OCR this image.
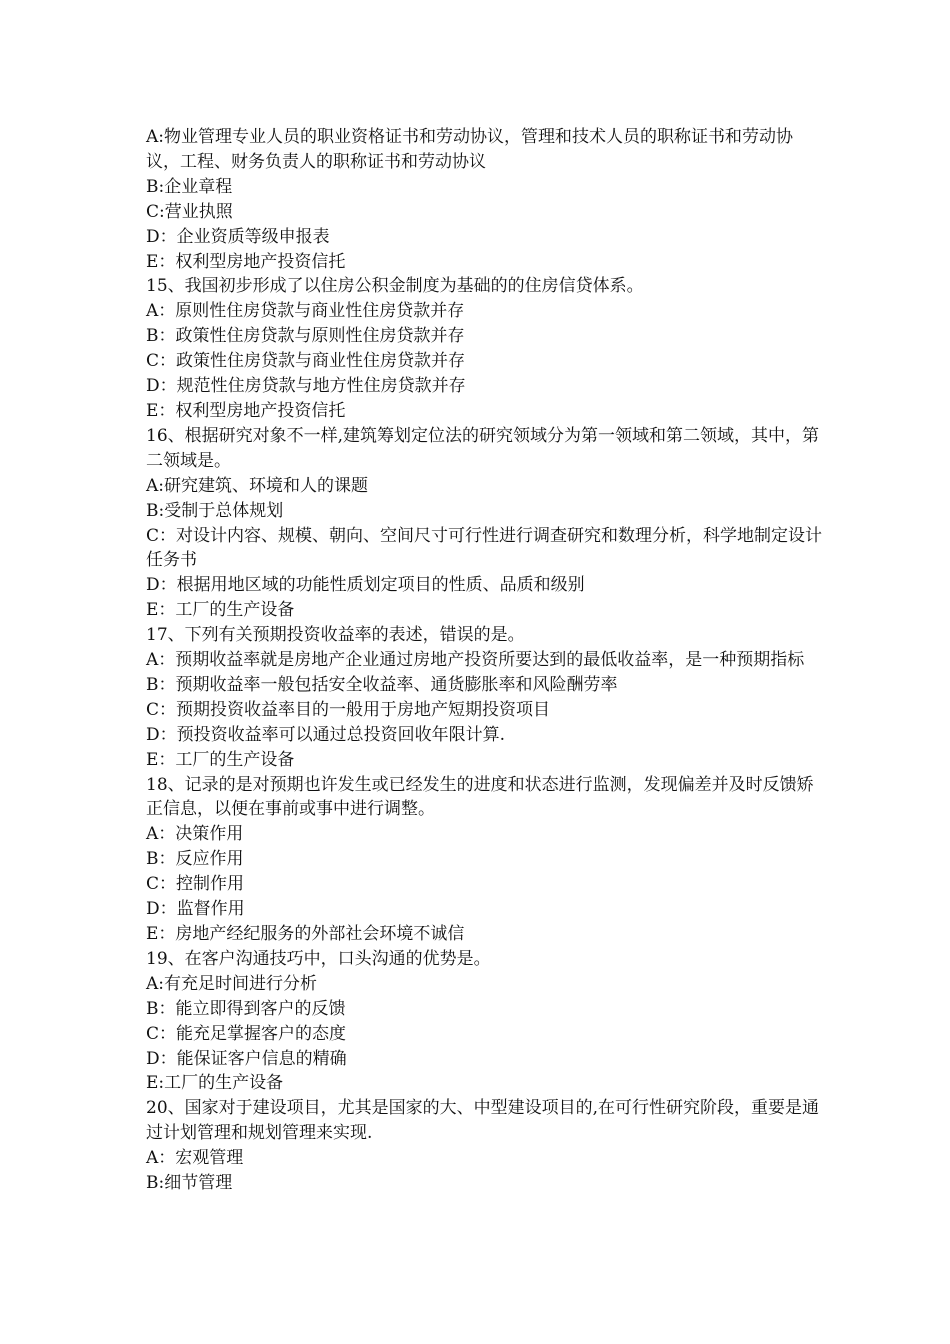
A:物业管理专业人员的职业资格证书和劳动协议，管理和技术人员的职称证书和劳动协议，工程、财务负责人的职称证书和劳动协议
B:企业章程
C:营业执照
D：企业资质等级申报表
E：权利型房地产投资信托
15、我国初步形成了以住房公积金制度为基础的的住房信贷体系。
A：原则性住房贷款与商业性住房贷款并存
B：政策性住房贷款与原则性住房贷款并存
C：政策性住房贷款与商业性住房贷款并存
D：规范性住房贷款与地方性住房贷款并存
E：权利型房地产投资信托
16、根据研究对象不一样,建筑筹划定位法的研究领域分为第一领域和第二领域，其中，第二领域是。
A:研究建筑、环境和人的课题
B:受制于总体规划
C：对设计内容、规模、朝向、空间尺寸可行性进行调查研究和数理分析，科学地制定设计任务书
D：根据用地区域的功能性质划定项目的性质、品质和级别
E：工厂的生产设备
17、下列有关预期投资收益率的表述，错误的是。
A：预期收益率就是房地产企业通过房地产投资所要达到的最低收益率，是一种预期指标
B：预期收益率一般包括安全收益率、通货膨胀率和风险酬劳率
C：预期投资收益率目的一般用于房地产短期投资项目
D：预投资收益率可以通过总投资回收年限计算.
E：工厂的生产设备
18、记录的是对预期也许发生或已经发生的进度和状态进行监测，发现偏差并及时反馈矫正信息，以便在事前或事中进行调整。
A：决策作用
B：反应作用
C：控制作用
D：监督作用
E：房地产经纪服务的外部社会环境不诚信
19、在客户沟通技巧中，口头沟通的优势是。
A:有充足时间进行分析
B：能立即得到客户的反馈
C：能充足掌握客户的态度
D：能保证客户信息的精确
E:工厂的生产设备
20、国家对于建设项目，尤其是国家的大、中型建设项目的,在可行性研究阶段，重要是通过计划管理和规划管理来实现.
A：宏观管理
B:细节管理
